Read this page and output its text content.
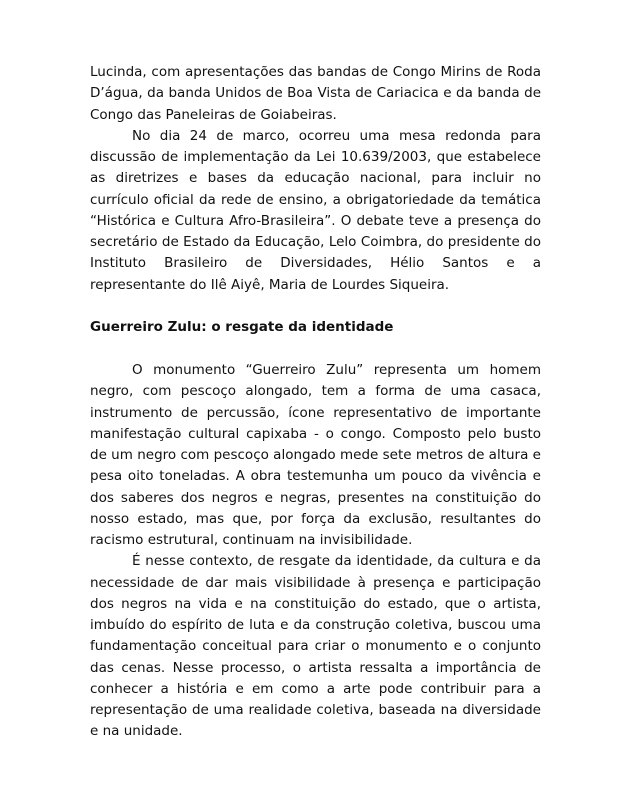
Lucinda, com apresentações das bandas de Congo Mirins de Roda D’água, da banda Unidos de Boa Vista de Cariacica e da banda de Congo das Paneleiras de Goiabeiras.

No dia 24 de marco, ocorreu uma mesa redonda para discussão de implementação da Lei 10.639/2003, que estabelece as diretrizes e bases da educação nacional, para incluir no currículo oficial da rede de ensino, a obrigatoriedade da temática “Histórica e Cultura Afro-Brasileira”. O debate teve a presença do secretário de Estado da Educação, Lelo Coimbra, do presidente do Instituto Brasileiro de Diversidades, Hélio Santos e a representante do Ilê Aiyê, Maria de Lourdes Siqueira.

Guerreiro Zulu: o resgate da identidade

O monumento “Guerreiro Zulu” representa um homem negro, com pescoço alongado, tem a forma de uma casaca, instrumento de percussão, ícone representativo de importante manifestação cultural capixaba - o congo. Composto pelo busto de um negro com pescoço alongado mede sete metros de altura e pesa oito toneladas. A obra testemunha um pouco da vivência e dos saberes dos negros e negras, presentes na constituição do nosso estado, mas que, por força da exclusão, resultantes do racismo estrutural, continuam na invisibilidade.

É nesse contexto, de resgate da identidade, da cultura e da necessidade de dar mais visibilidade à presença e participação dos negros na vida e na constituição do estado, que o artista, imbuído do espírito de luta e da construção coletiva, buscou uma fundamentação conceitual para criar o monumento e o conjunto das cenas. Nesse processo, o artista ressalta a importância de conhecer a história e em como a arte pode contribuir para a representação de uma realidade coletiva, baseada na diversidade e na unidade.
